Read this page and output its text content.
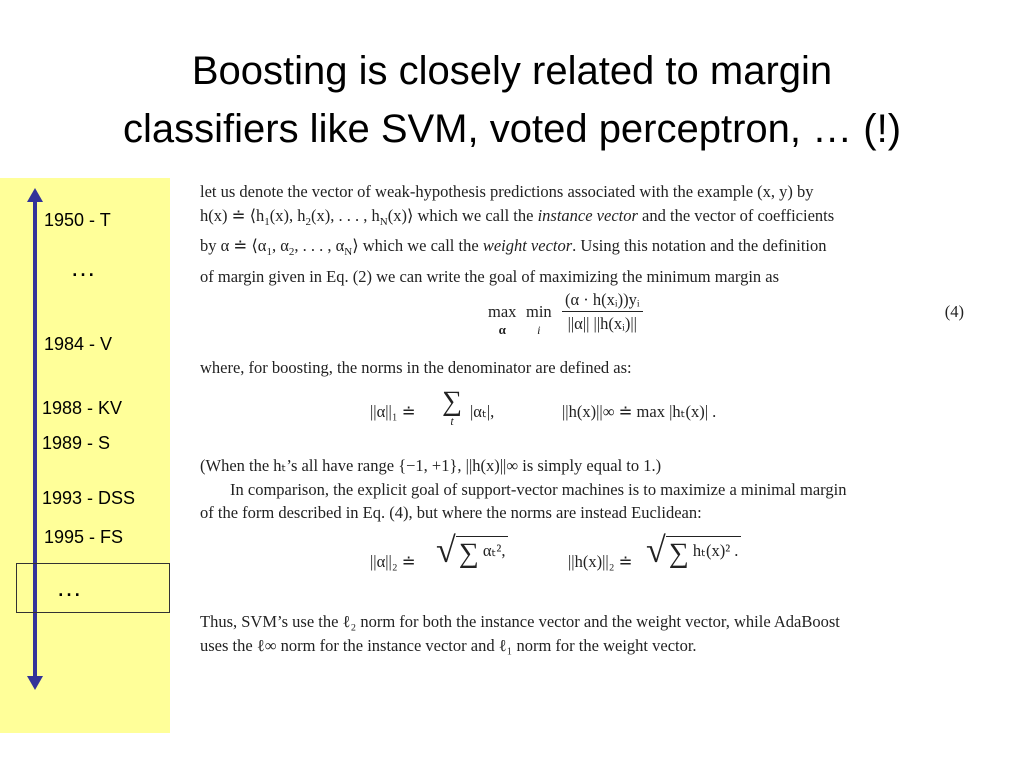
Boosting is closely related to margin
classifiers like SVM, voted perceptron, … (!)
1950 - T
…
1984 - V
1988 - KV
1989 - S
1993 - DSS
1995 - FS
…
let us denote the vector of weak-hypothesis predictions associated with the example (x, y) by
h(x) ≐ $⟨h_1(x)$, $h_2(x)$, . . . , $h_N(x)⟩$ which we call the instance vector and the vector of coefficients
by α ≐ $⟨\alpha_1$, $\alpha_2$, . . . , $\alpha_N⟩$ which we call the weight vector. Using this notation and the definition
of margin given in Eq. (2) we can write the goal of maximizing the minimum margin as
max
α
min
i	$\frac{\text{(α · h(xᵢ))yᵢ}}{\text{||α|| ||h(xᵢ)||}}$	(4)
where, for boosting, the norms in the denominator are defined as:
||α||₁ ≐ ∑
t |αₜ|,	||h(x)||∞ ≐ max |hₜ(x)| .
(When the hₜ’s all have range {−1, +1}, ||h(x)||∞ is simply equal to 1.)
In comparison, the explicit goal of support-vector machines is to maximize a minimal margin
of the form described in Eq. (4), but where the norms are instead Euclidean:
||α||₂ ≐ √ ∑ αₜ²,
||h(x)||₂ ≐ √ ∑ hₜ(x)² .
Thus, SVM’s use the ℓ₂ norm for both the instance vector and the weight vector, while AdaBoost
uses the ℓ∞ norm for the instance vector and ℓ₁ norm for the weight vector.
